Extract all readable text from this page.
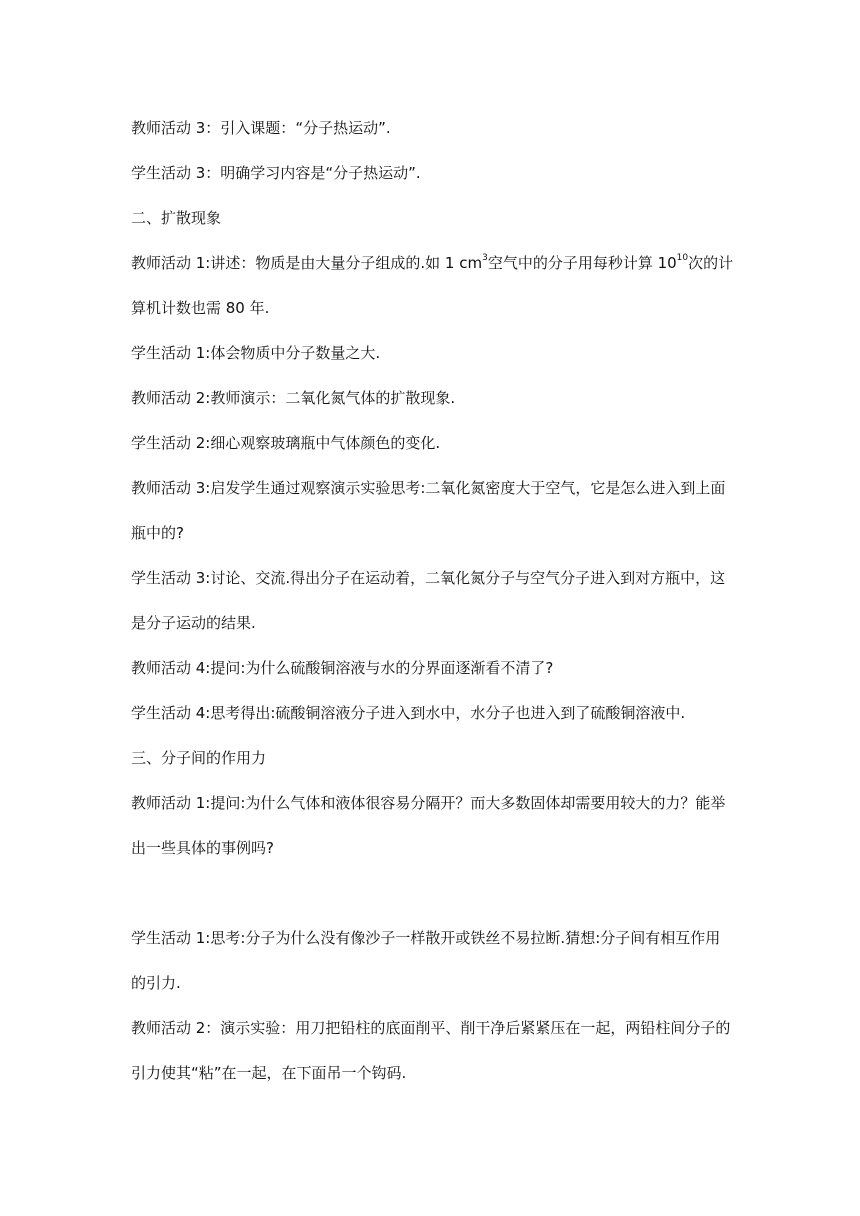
教师活动 3：引入课题：“分子热运动”.
学生活动 3：明确学习内容是“分子热运动”.
二、扩散现象
教师活动 1:讲述：物质是由大量分子组成的.如 1 $cm^3$空气中的分子用每秒计算 $10^{10}$次的计
算机计数也需 80 年.
学生活动 1:体会物质中分子数量之大.
教师活动 2:教师演示：二氧化氮气体的扩散现象.
学生活动 2:细心观察玻璃瓶中气体颜色的变化.
教师活动 3:启发学生通过观察演示实验思考:二氧化氮密度大于空气，它是怎么进入到上面
瓶中的?
学生活动 3:讨论、交流.得出分子在运动着，二氧化氮分子与空气分子进入到对方瓶中，这
是分子运动的结果.
教师活动 4:提问:为什么硫酸铜溶液与水的分界面逐渐看不清了?
学生活动 4:思考得出:硫酸铜溶液分子进入到水中，水分子也进入到了硫酸铜溶液中.
三、分子间的作用力
教师活动 1:提问:为什么气体和液体很容易分隔开？而大多数固体却需要用较大的力？能举
出一些具体的事例吗?
学生活动 1:思考:分子为什么没有像沙子一样散开或铁丝不易拉断.猜想:分子间有相互作用
的引力.
教师活动 2：演示实验：用刀把铅柱的底面削平、削干净后紧紧压在一起，两铅柱间分子的
引力使其“粘”在一起，在下面吊一个钩码.
